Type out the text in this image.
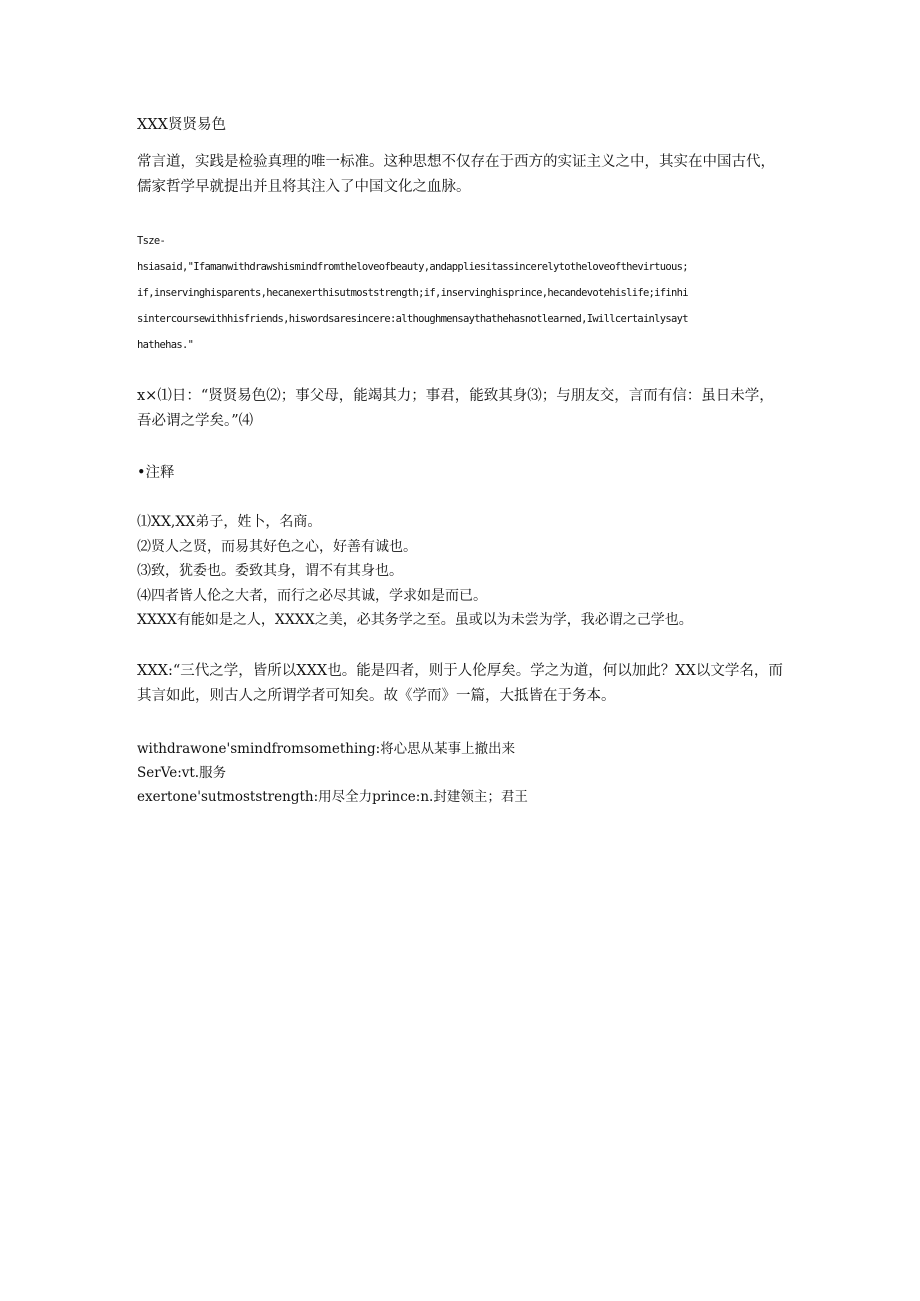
XXX贤贤易色
常言道，实践是检验真理的唯一标准。这种思想不仅存在于西方的实证主义之中，其实在中国古代，儒家哲学早就提出并且将其注入了中国文化之血脉。
Tsze-
hsiasaid,"Ifamanwithdrawshismindfromtheloveofbeauty,andappliesitassincerelytotheloveofthevirtuous;
if,inservinghisparents,hecanexerthisutmoststrength;if,inservinghisprince,hecandevotehislife;ifinhi
sintercoursewithhisfriends,hiswordsaresincere:althoughmensaythathehasnotlearned,Iwillcertainlysayt
hathehas."
x×⑴日：“贤贤易色⑵；事父母，能竭其力；事君，能致其身⑶；与朋友交，言而有信：虽日未学，吾必谓之学矣。”⑷
•注释
⑴XX,XX弟子，姓卜，名商。
⑵贤人之贤，而易其好色之心，好善有诚也。
⑶致，犹委也。委致其身，谓不有其身也。
⑷四者皆人伦之大者，而行之必尽其诚，学求如是而已。
XXXX有能如是之人，XXXX之美，必其务学之至。虽或以为未尝为学，我必谓之己学也。
XXX:“三代之学，皆所以XXX也。能是四者，则于人伦厚矣。学之为道，何以加此？XX以文学名，而其言如此，则古人之所谓学者可知矣。故《学而》一篇，大抵皆在于务本。
withdrawone'smindfromsomething:将心思从某事上撤出来
SerVe:vt.服务
exertone'sutmoststrength:用尽全力prince:n.封建领主；君王
